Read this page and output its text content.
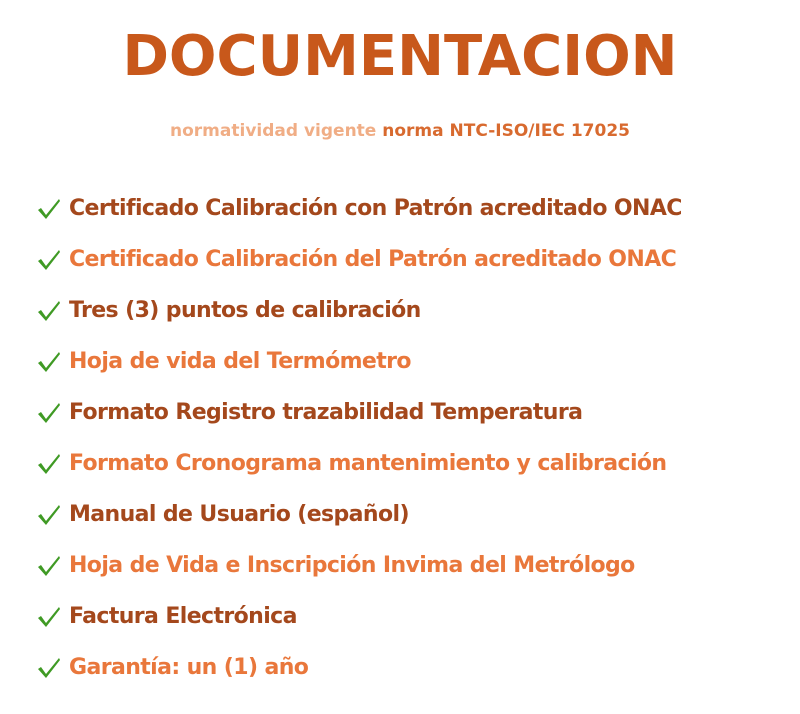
DOCUMENTACION

normatividad vigente norma NTC-ISO/IEC 17025

Certificado Calibración con Patrón acreditado ONAC
Certificado Calibración del Patrón acreditado ONAC
Tres (3) puntos de calibración
Hoja de vida del Termómetro
Formato Registro trazabilidad Temperatura
Formato Cronograma mantenimiento y calibración
Manual de Usuario (español)
Hoja de Vida e Inscripción Invima del Metrólogo
Factura Electrónica
Garantía: un (1) año
